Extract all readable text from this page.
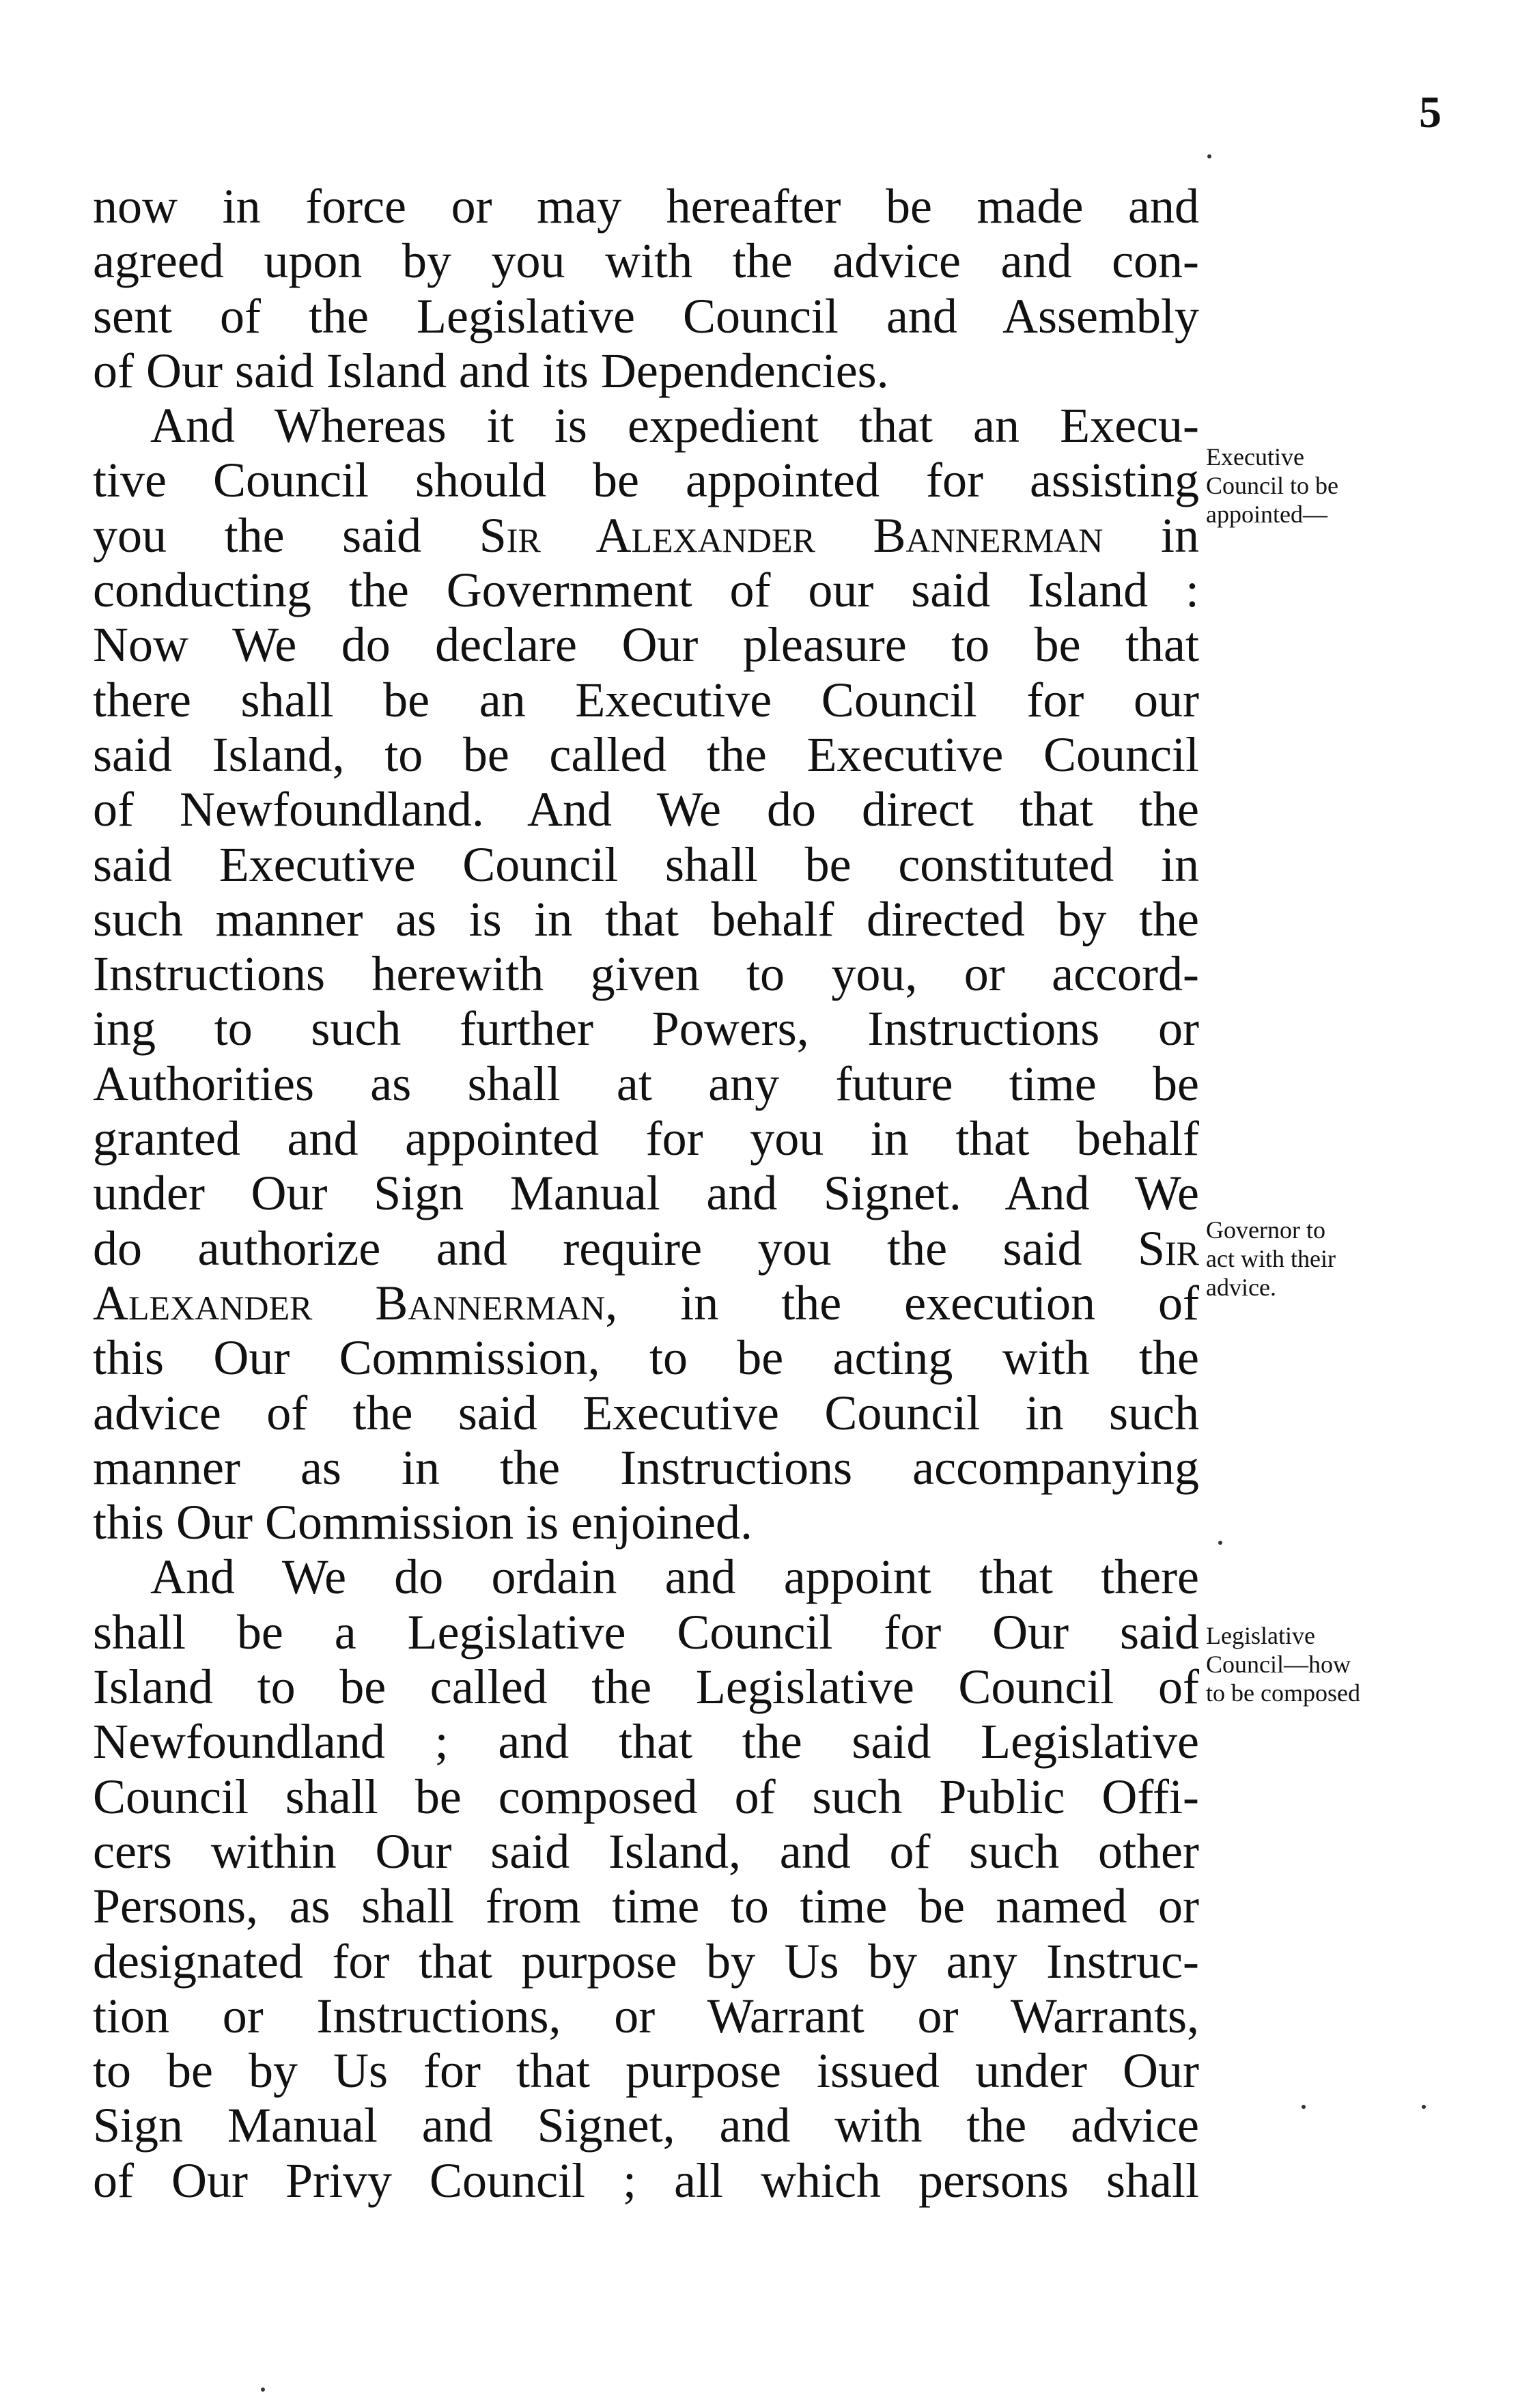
5
now in force or may hereafter be made and
agreed upon by you with the advice and con-
sent of the Legislative Council and Assembly
of Our said Island and its Dependencies.
And Whereas it is expedient that an Execu-
tive Council should be appointed for assisting
you the said Sir Alexander Bannerman in
conducting the Government of our said Island :
Now We do declare Our pleasure to be that
there shall be an Executive Council for our
said Island, to be called the Executive Council
of Newfoundland. And We do direct that the
said Executive Council shall be constituted in
such manner as is in that behalf directed by the
Instructions herewith given to you, or accord-
ing to such further Powers, Instructions or
Authorities as shall at any future time be
granted and appointed for you in that behalf
under Our Sign Manual and Signet. And We
do authorize and require you the said Sir
Alexander Bannerman, in the execution of
this Our Commission, to be acting with the
advice of the said Executive Council in such
manner as in the Instructions accompanying
this Our Commission is enjoined.
And We do ordain and appoint that there
shall be a Legislative Council for Our said
Island to be called the Legislative Council of
Newfoundland ; and that the said Legislative
Council shall be composed of such Public Offi-
cers within Our said Island, and of such other
Persons, as shall from time to time be named or
designated for that purpose by Us by any Instruc-
tion or Instructions, or Warrant or Warrants,
to be by Us for that purpose issued under Our
Sign Manual and Signet, and with the advice
of Our Privy Council ; all which persons shall
Executive
Council to be
appointed—
Governor to
act with their
advice.
Legislative
Council—how
to be composed
